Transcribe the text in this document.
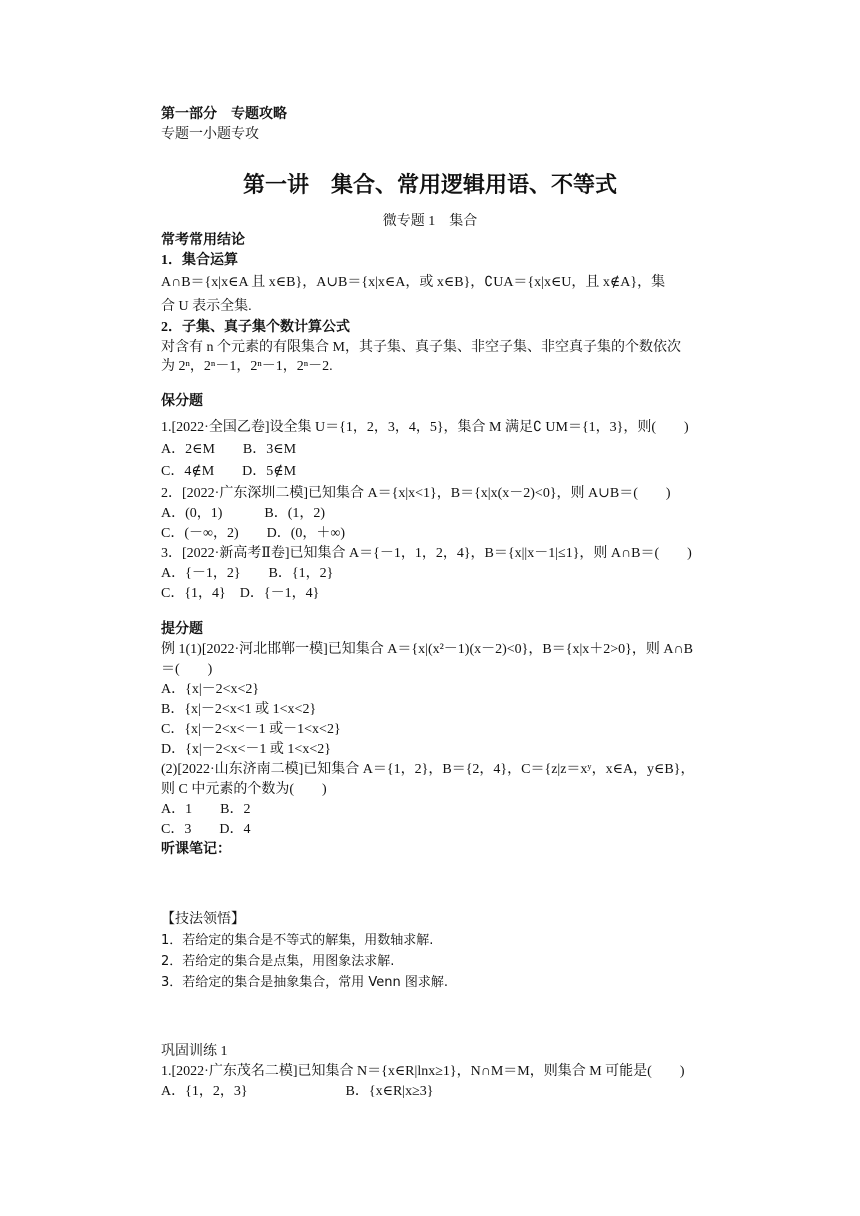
第一部分　专题攻略

专题一小题专攻

第一讲　集合、常用逻辑用语、不等式

微专题 1　集合

常考常用结论

1．集合运算

A∩B＝{x|x∈A 且 x∈B}，A∪B＝{x|x∈A，或 x∈B}，∁UA＝{x|x∈U，且 x∉A}，集

合 U 表示全集.

2．子集、真子集个数计算公式

对含有 n 个元素的有限集合 M，其子集、真子集、非空子集、非空真子集的个数依次

为 2ⁿ，2ⁿ－1，2ⁿ－1，2ⁿ－2.

保分题

1.[2022·全国乙卷]设全集 U＝{1，2，3，4，5}，集合 M 满足∁ UM＝{1，3}，则(　　)

A．2∈M　　B．3∈M

C．4∉M　　D．5∉M

2．[2022·广东深圳二模]已知集合 A＝{x|x<1}，B＝{x|x(x－2)<0}，则 A∪B＝(　　)

A．(0，1)　　　B．(1，2)

C．(－∞，2)　　D．(0，＋∞)

3．[2022·新高考Ⅱ卷]已知集合 A＝{－1，1，2，4}，B＝{x||x－1|≤1}，则 A∩B＝(　　)

A．{－1，2}　　B．{1，2}

C．{1，4}　D．{－1，4}

提分题

例 1(1)[2022·河北邯郸一模]已知集合 A＝{x|(x²－1)(x－2)<0}，B＝{x|x＋2>0}，则 A∩B

＝(　　)

A．{x|－2<x<2}

B．{x|－2<x<1 或 1<x<2}

C．{x|－2<x<－1 或－1<x<2}

D．{x|－2<x<－1 或 1<x<2}

(2)[2022·山东济南二模]已知集合 A＝{1，2}，B＝{2，4}，C＝{z|z＝xʸ，x∈A，y∈B}，

则 C 中元素的个数为(　　)

A．1　　B．2

C．3　　D．4

听课笔记：

【技法领悟】

1．若给定的集合是不等式的解集，用数轴求解.

2．若给定的集合是点集，用图象法求解.

3．若给定的集合是抽象集合，常用 Venn 图求解.

巩固训练 1

1.[2022·广东茂名二模]已知集合 N＝{x∈R|lnx≥1}，N∩M＝M，则集合 M 可能是(　　)

A．{1，2，3}　　　　　　　B．{x∈R|x≥3}
